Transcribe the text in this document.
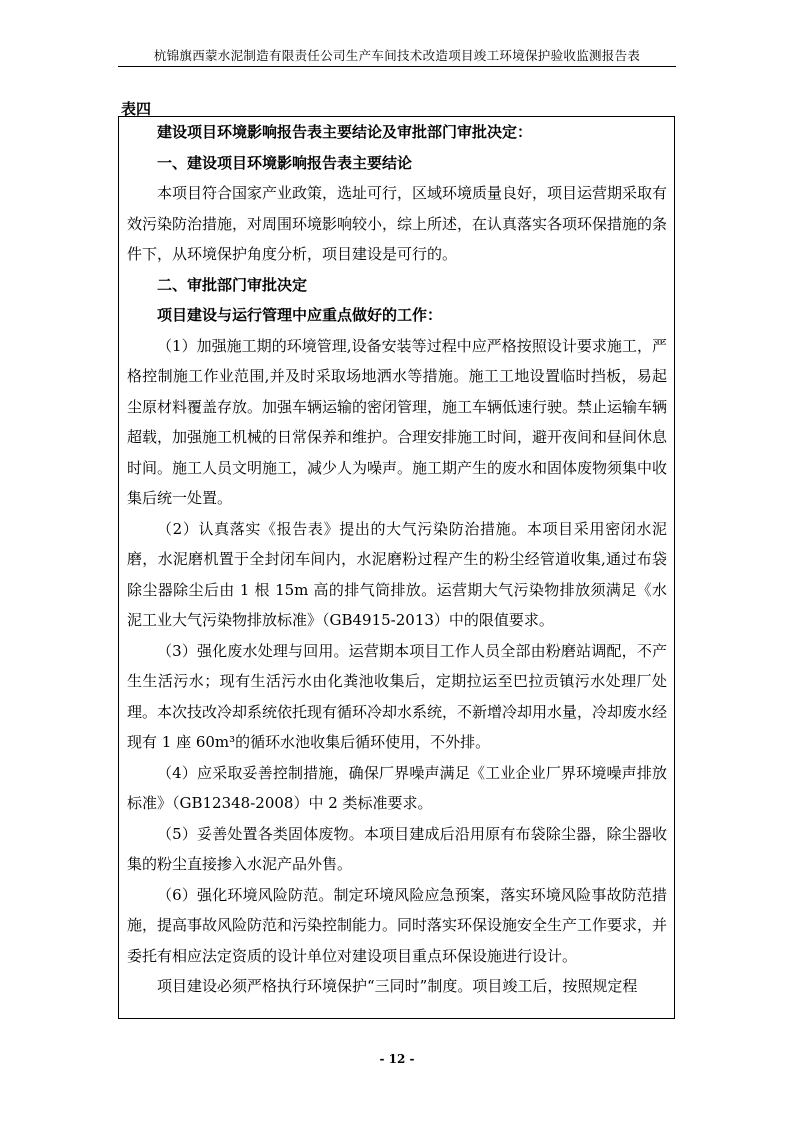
杭锦旗西蒙水泥制造有限责任公司生产车间技术改造项目竣工环境保护验收监测报告表
表四

建设项目环境影响报告表主要结论及审批部门审批决定：

一、建设项目环境影响报告表主要结论

本项目符合国家产业政策，选址可行，区域环境质量良好，项目运营期采取有效污染防治措施，对周围环境影响较小，综上所述，在认真落实各项环保措施的条件下，从环境保护角度分析，项目建设是可行的。

二、审批部门审批决定

项目建设与运行管理中应重点做好的工作：

（1）加强施工期的环境管理,设备安装等过程中应严格按照设计要求施工，严格控制施工作业范围,并及时采取场地洒水等措施。施工工地设置临时挡板，易起尘原材料覆盖存放。加强车辆运输的密闭管理，施工车辆低速行驶。禁止运输车辆超载，加强施工机械的日常保养和维护。合理安排施工时间，避开夜间和昼间休息时间。施工人员文明施工，减少人为噪声。施工期产生的废水和固体废物须集中收集后统一处置。

（2）认真落实《报告表》提出的大气污染防治措施。本项目采用密闭水泥磨，水泥磨机置于全封闭车间内，水泥磨粉过程产生的粉尘经管道收集,通过布袋除尘器除尘后由 1 根 15m 高的排气筒排放。运营期大气污染物排放须满足《水泥工业大气污染物排放标准》（GB4915-2013）中的限值要求。

（3）强化废水处理与回用。运营期本项目工作人员全部由粉磨站调配，不产生生活污水；现有生活污水由化粪池收集后，定期拉运至巴拉贡镇污水处理厂处理。本次技改冷却系统依托现有循环冷却水系统，不新增冷却用水量，冷却废水经现有 1 座 60m³的循环水池收集后循环使用，不外排。

（4）应采取妥善控制措施，确保厂界噪声满足《工业企业厂界环境噪声排放标准》（GB12348-2008）中 2 类标准要求。

（5）妥善处置各类固体废物。本项目建成后沿用原有布袋除尘器，除尘器收集的粉尘直接掺入水泥产品外售。

（6）强化环境风险防范。制定环境风险应急预案，落实环境风险事故防范措施，提高事故风险防范和污染控制能力。同时落实环保设施安全生产工作要求，并委托有相应法定资质的设计单位对建设项目重点环保设施进行设计。

项目建设必须严格执行环境保护“三同时”制度。项目竣工后，按照规定程

- 12 -
